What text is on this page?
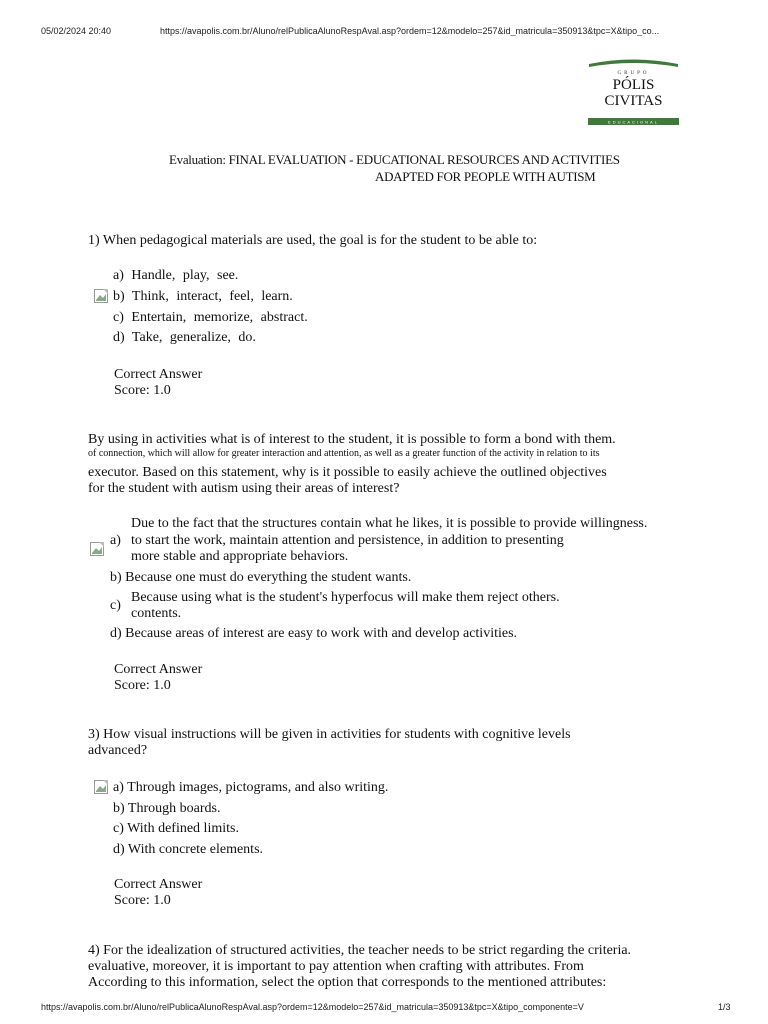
05/02/2024 20:40	https://avapolis.com.br/Aluno/relPublicaAlunoRespAval.asp?ordem=12&modelo=257&id_matricula=350913&tpc=X&tipo_co...
GRUPO
PÓLIS
CIVITAS
EDUCACIONAL
Evaluation: FINAL EVALUATION - EDUCATIONAL RESOURCES AND ACTIVITIES
ADAPTED FOR PEOPLE WITH AUTISM
1) When pedagogical materials are used, the goal is for the student to be able to:
a) Handle, play, see.
b) Think, interact, feel, learn.
c) Entertain, memorize, abstract.
d) Take, generalize, do.
Correct Answer
Score: 1.0
By using in activities what is of interest to the student, it is possible to form a bond with them.
of connection, which will allow for greater interaction and attention, as well as a greater function of the activity in relation to its
executor. Based on this statement, why is it possible to easily achieve the outlined objectives
for the student with autism using their areas of interest?
a)
Due to the fact that the structures contain what he likes, it is possible to provide willingness.
to start the work, maintain attention and persistence, in addition to presenting
more stable and appropriate behaviors.
b) Because one must do everything the student wants.
c)
Because using what is the student's hyperfocus will make them reject others.
contents.
d) Because areas of interest are easy to work with and develop activities.
Correct Answer
Score: 1.0
3) How visual instructions will be given in activities for students with cognitive levels
advanced?
a) Through images, pictograms, and also writing.
b) Through boards.
c) With defined limits.
d) With concrete elements.
Correct Answer
Score: 1.0
4) For the idealization of structured activities, the teacher needs to be strict regarding the criteria.
evaluative, moreover, it is important to pay attention when crafting with attributes. From
According to this information, select the option that corresponds to the mentioned attributes:
https://avapolis.com.br/Aluno/relPublicaAlunoRespAval.asp?ordem=12&modelo=257&id_matricula=350913&tpc=X&tipo_componente=V	1/3
